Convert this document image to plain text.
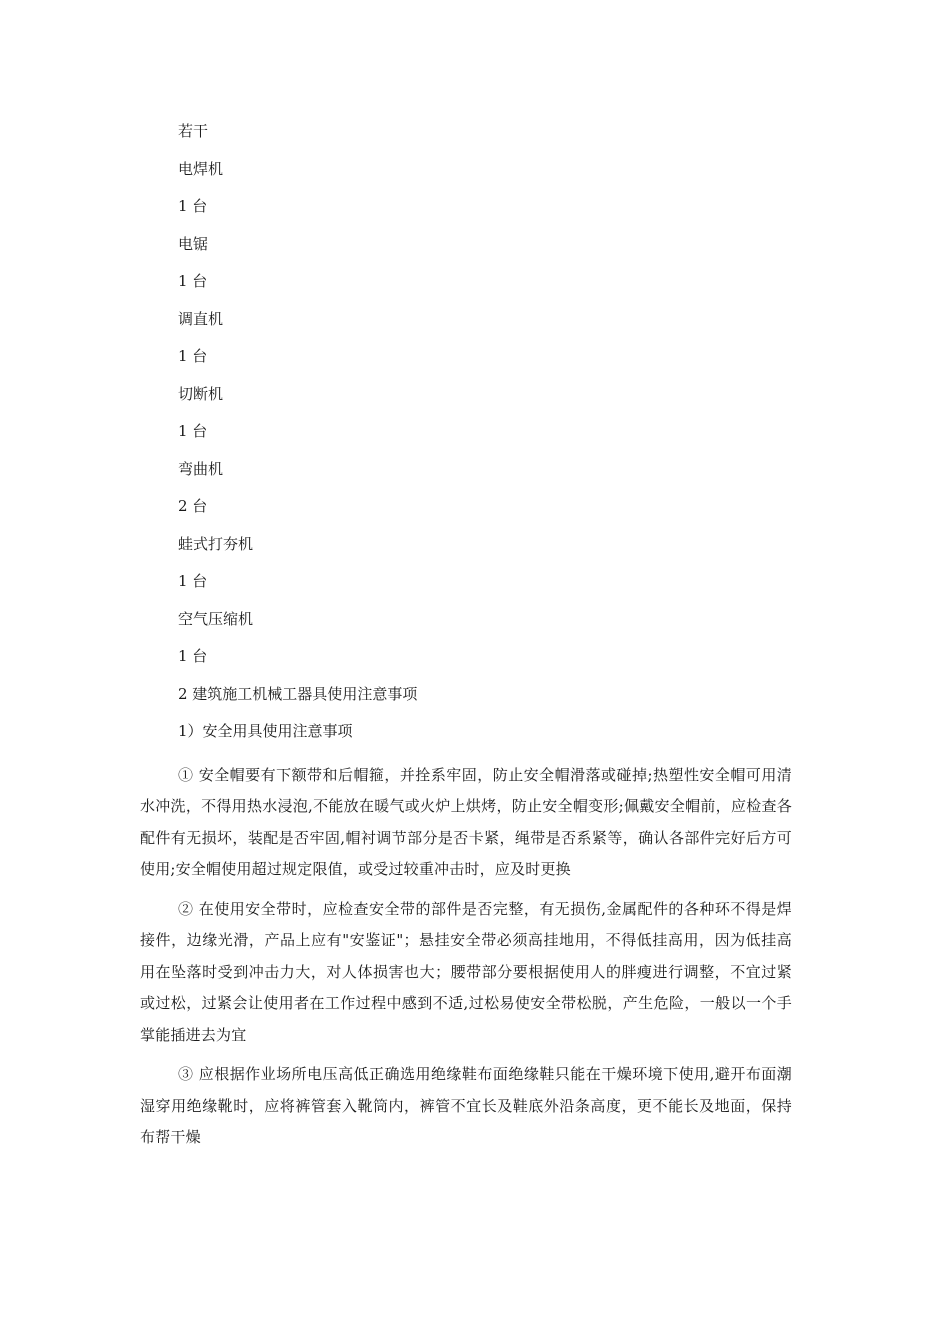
若干
电焊机
1 台
电锯
1 台
调直机
1 台
切断机
1 台
弯曲机
2 台
蛙式打夯机
1 台
空气压缩机
1 台
2 建筑施工机械工器具使用注意事项
1）安全用具使用注意事项
① 安全帽要有下额带和后帽箍，并拴系牢固，防止安全帽滑落或碰掉;热塑性安全帽可用清水冲洗，不得用热水浸泡,不能放在暖气或火炉上烘烤，防止安全帽变形;佩戴安全帽前，应检查各配件有无损坏，装配是否牢固,帽衬调节部分是否卡紧，绳带是否系紧等，确认各部件完好后方可使用;安全帽使用超过规定限值，或受过较重冲击时，应及时更换
② 在使用安全带时，应检查安全带的部件是否完整，有无损伤,金属配件的各种环不得是焊接件，边缘光滑，产品上应有"安鉴证"；悬挂安全带必须高挂地用，不得低挂高用，因为低挂高用在坠落时受到冲击力大，对人体损害也大；腰带部分要根据使用人的胖瘦进行调整，不宜过紧或过松，过紧会让使用者在工作过程中感到不适,过松易使安全带松脱，产生危险，一般以一个手掌能插进去为宜
③ 应根据作业场所电压高低正确选用绝缘鞋布面绝缘鞋只能在干燥环境下使用,避开布面潮湿穿用绝缘靴时，应将裤管套入靴筒内，裤管不宜长及鞋底外沿条高度，更不能长及地面，保持布帮干燥
